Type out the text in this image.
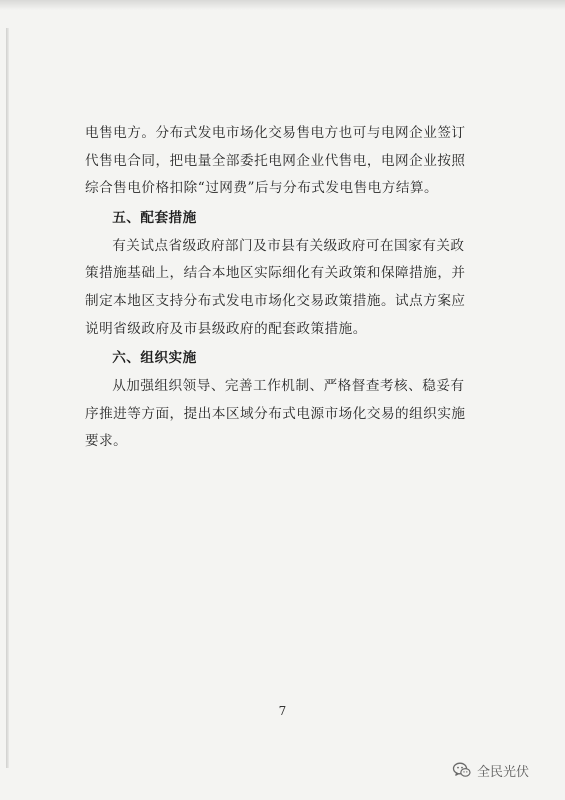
电售电方。分布式发电市场化交易售电方也可与电网企业签订代售电合同，把电量全部委托电网企业代售电，电网企业按照综合售电价格扣除“过网费”后与分布式发电售电方结算。

五、配套措施

有关试点省级政府部门及市县有关级政府可在国家有关政策措施基础上，结合本地区实际细化有关政策和保障措施，并制定本地区支持分布式发电市场化交易政策措施。试点方案应说明省级政府及市县级政府的配套政策措施。

六、组织实施

从加强组织领导、完善工作机制、严格督查考核、稳妥有序推进等方面，提出本区域分布式电源市场化交易的组织实施要求。

7
全民光伏
